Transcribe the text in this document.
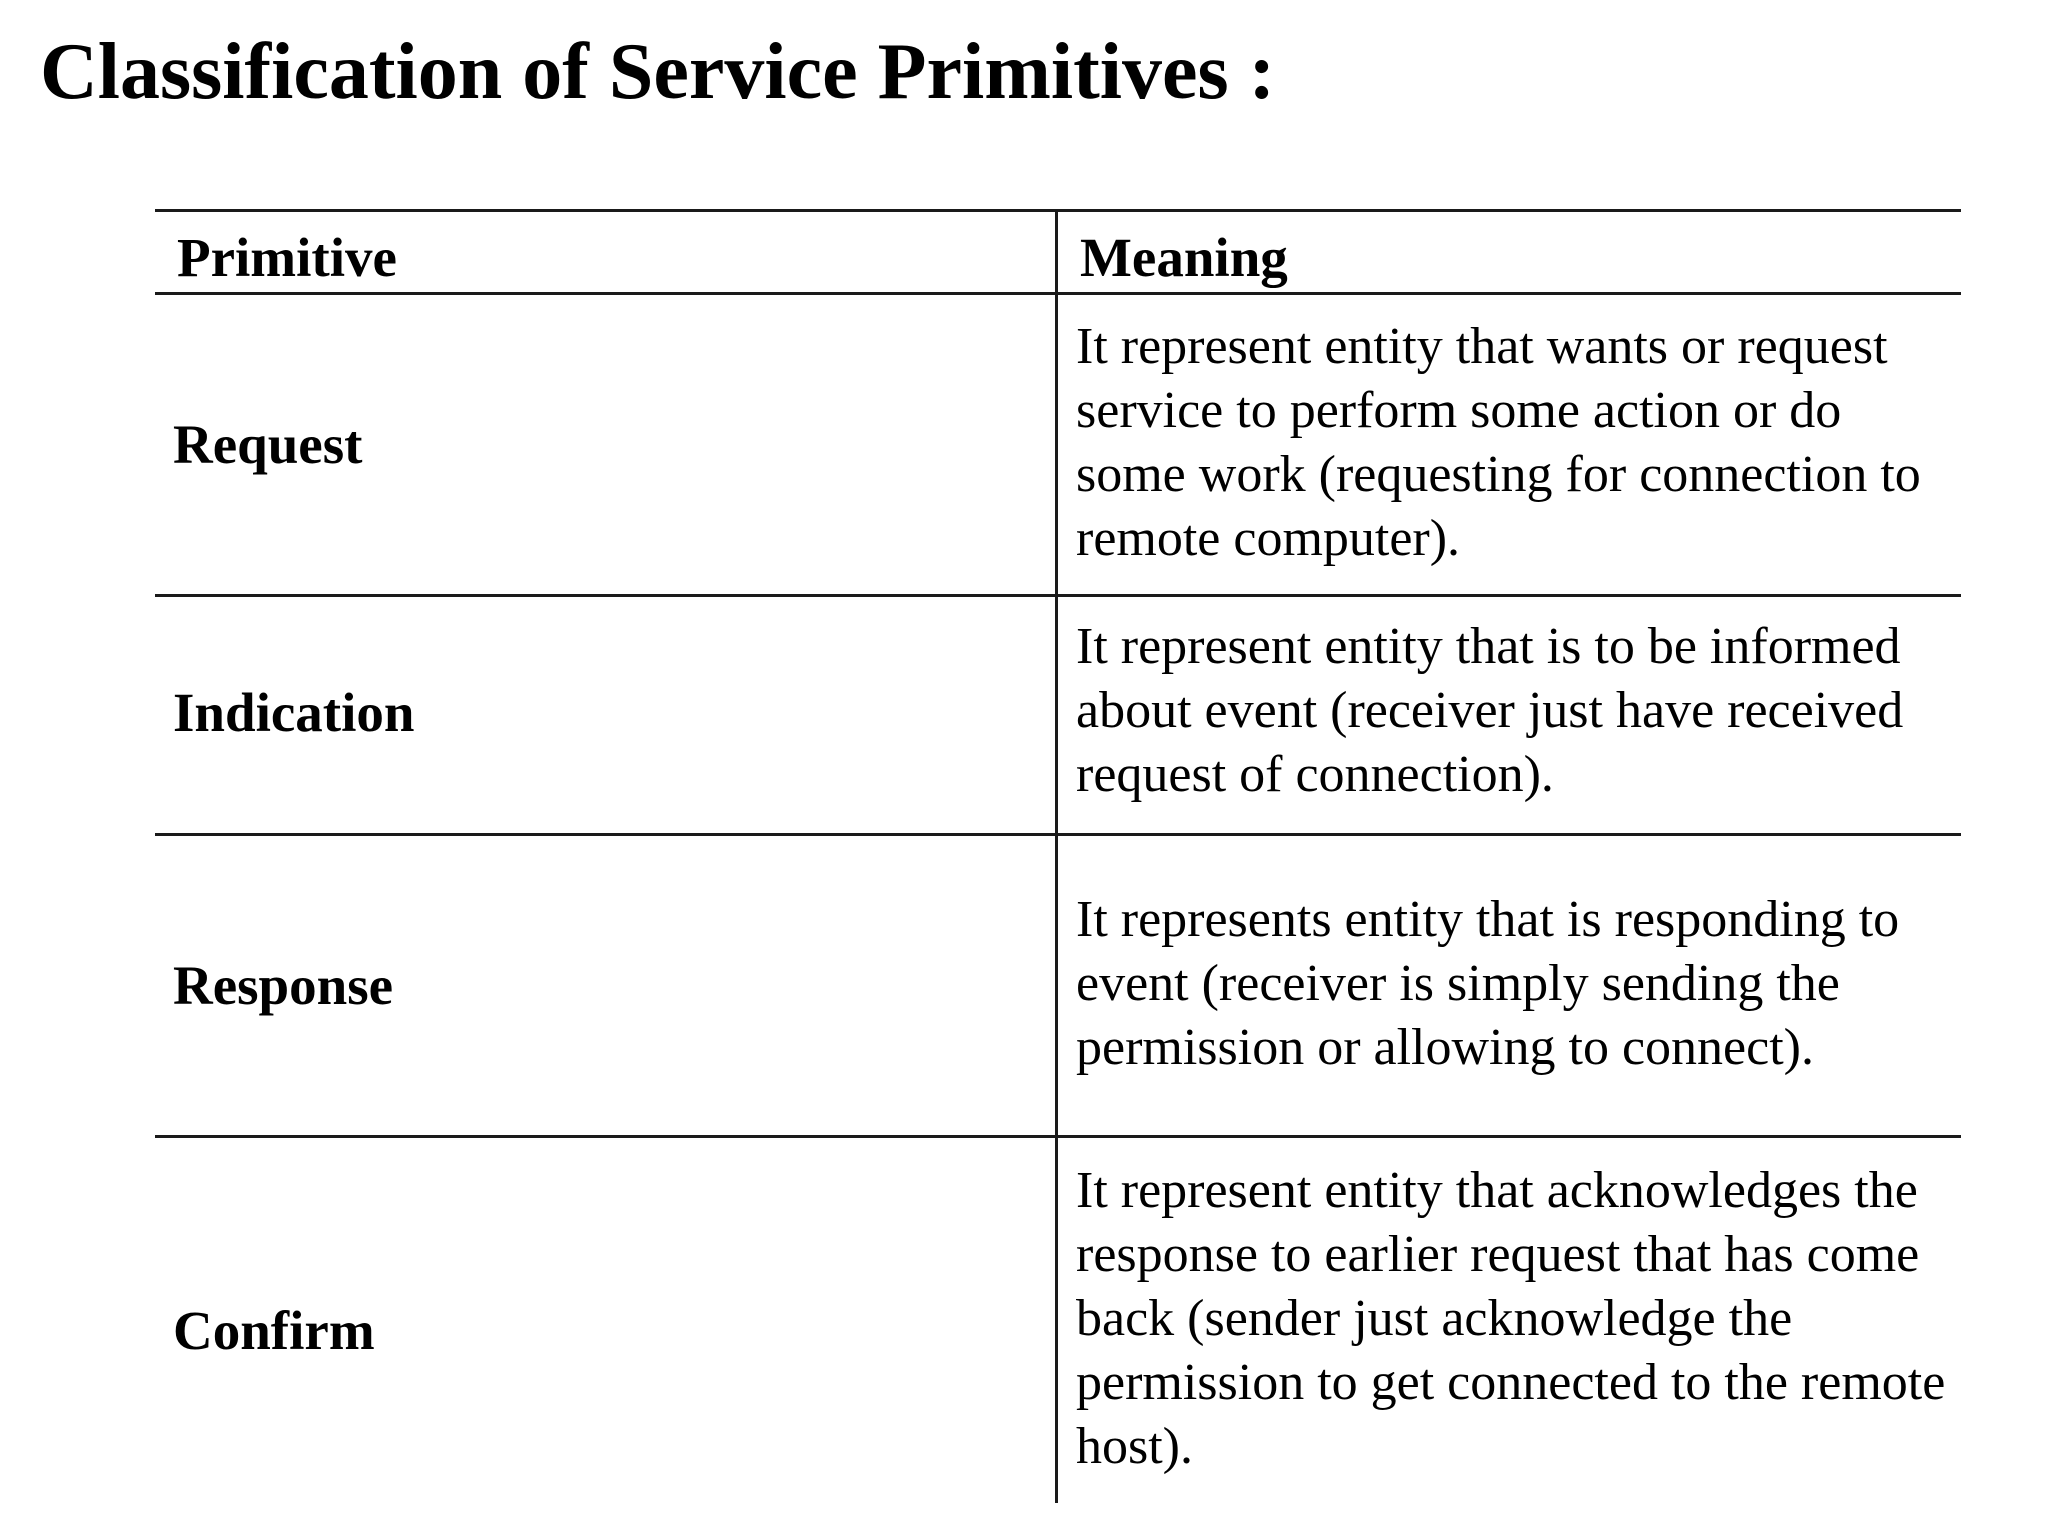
Classification of Service Primitives :
Primitive	Meaning
Request
It represent entity that wants or request service to perform some action or do some work (requesting for connection to remote computer).
Indication
It represent entity that is to be informed about event (receiver just have received request of connection).
Response
It represents entity that is responding to event (receiver is simply sending the permission or allowing to connect).
Confirm
It represent entity that acknowledges the response to earlier request that has come back (sender just acknowledge the permission to get connected to the remote host).
